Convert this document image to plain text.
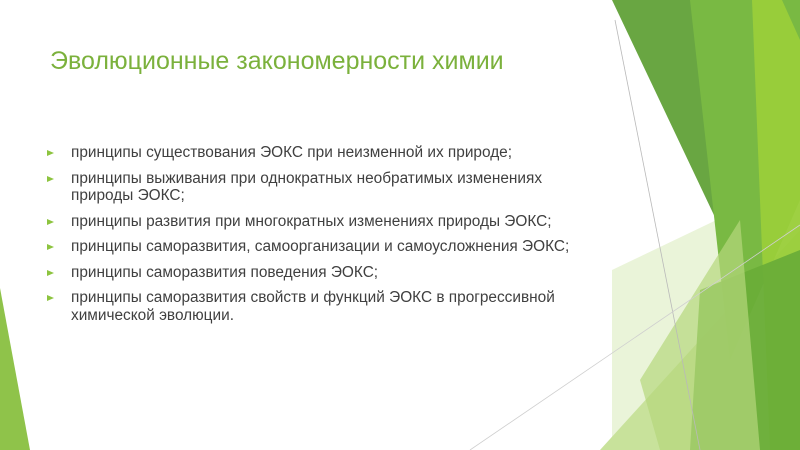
Эволюционные закономерности химии
принципы существования ЭОКС при неизменной их природе;
принципы выживания при однократных необратимых изменениях природы ЭОКС;
принципы развития при многократных изменениях природы ЭОКС;
принципы саморазвития, самоорганизации и самоусложнения ЭОКС;
принципы саморазвития поведения ЭОКС;
принципы саморазвития свойств и функций ЭОКС в прогрессивной химической эволюции.
